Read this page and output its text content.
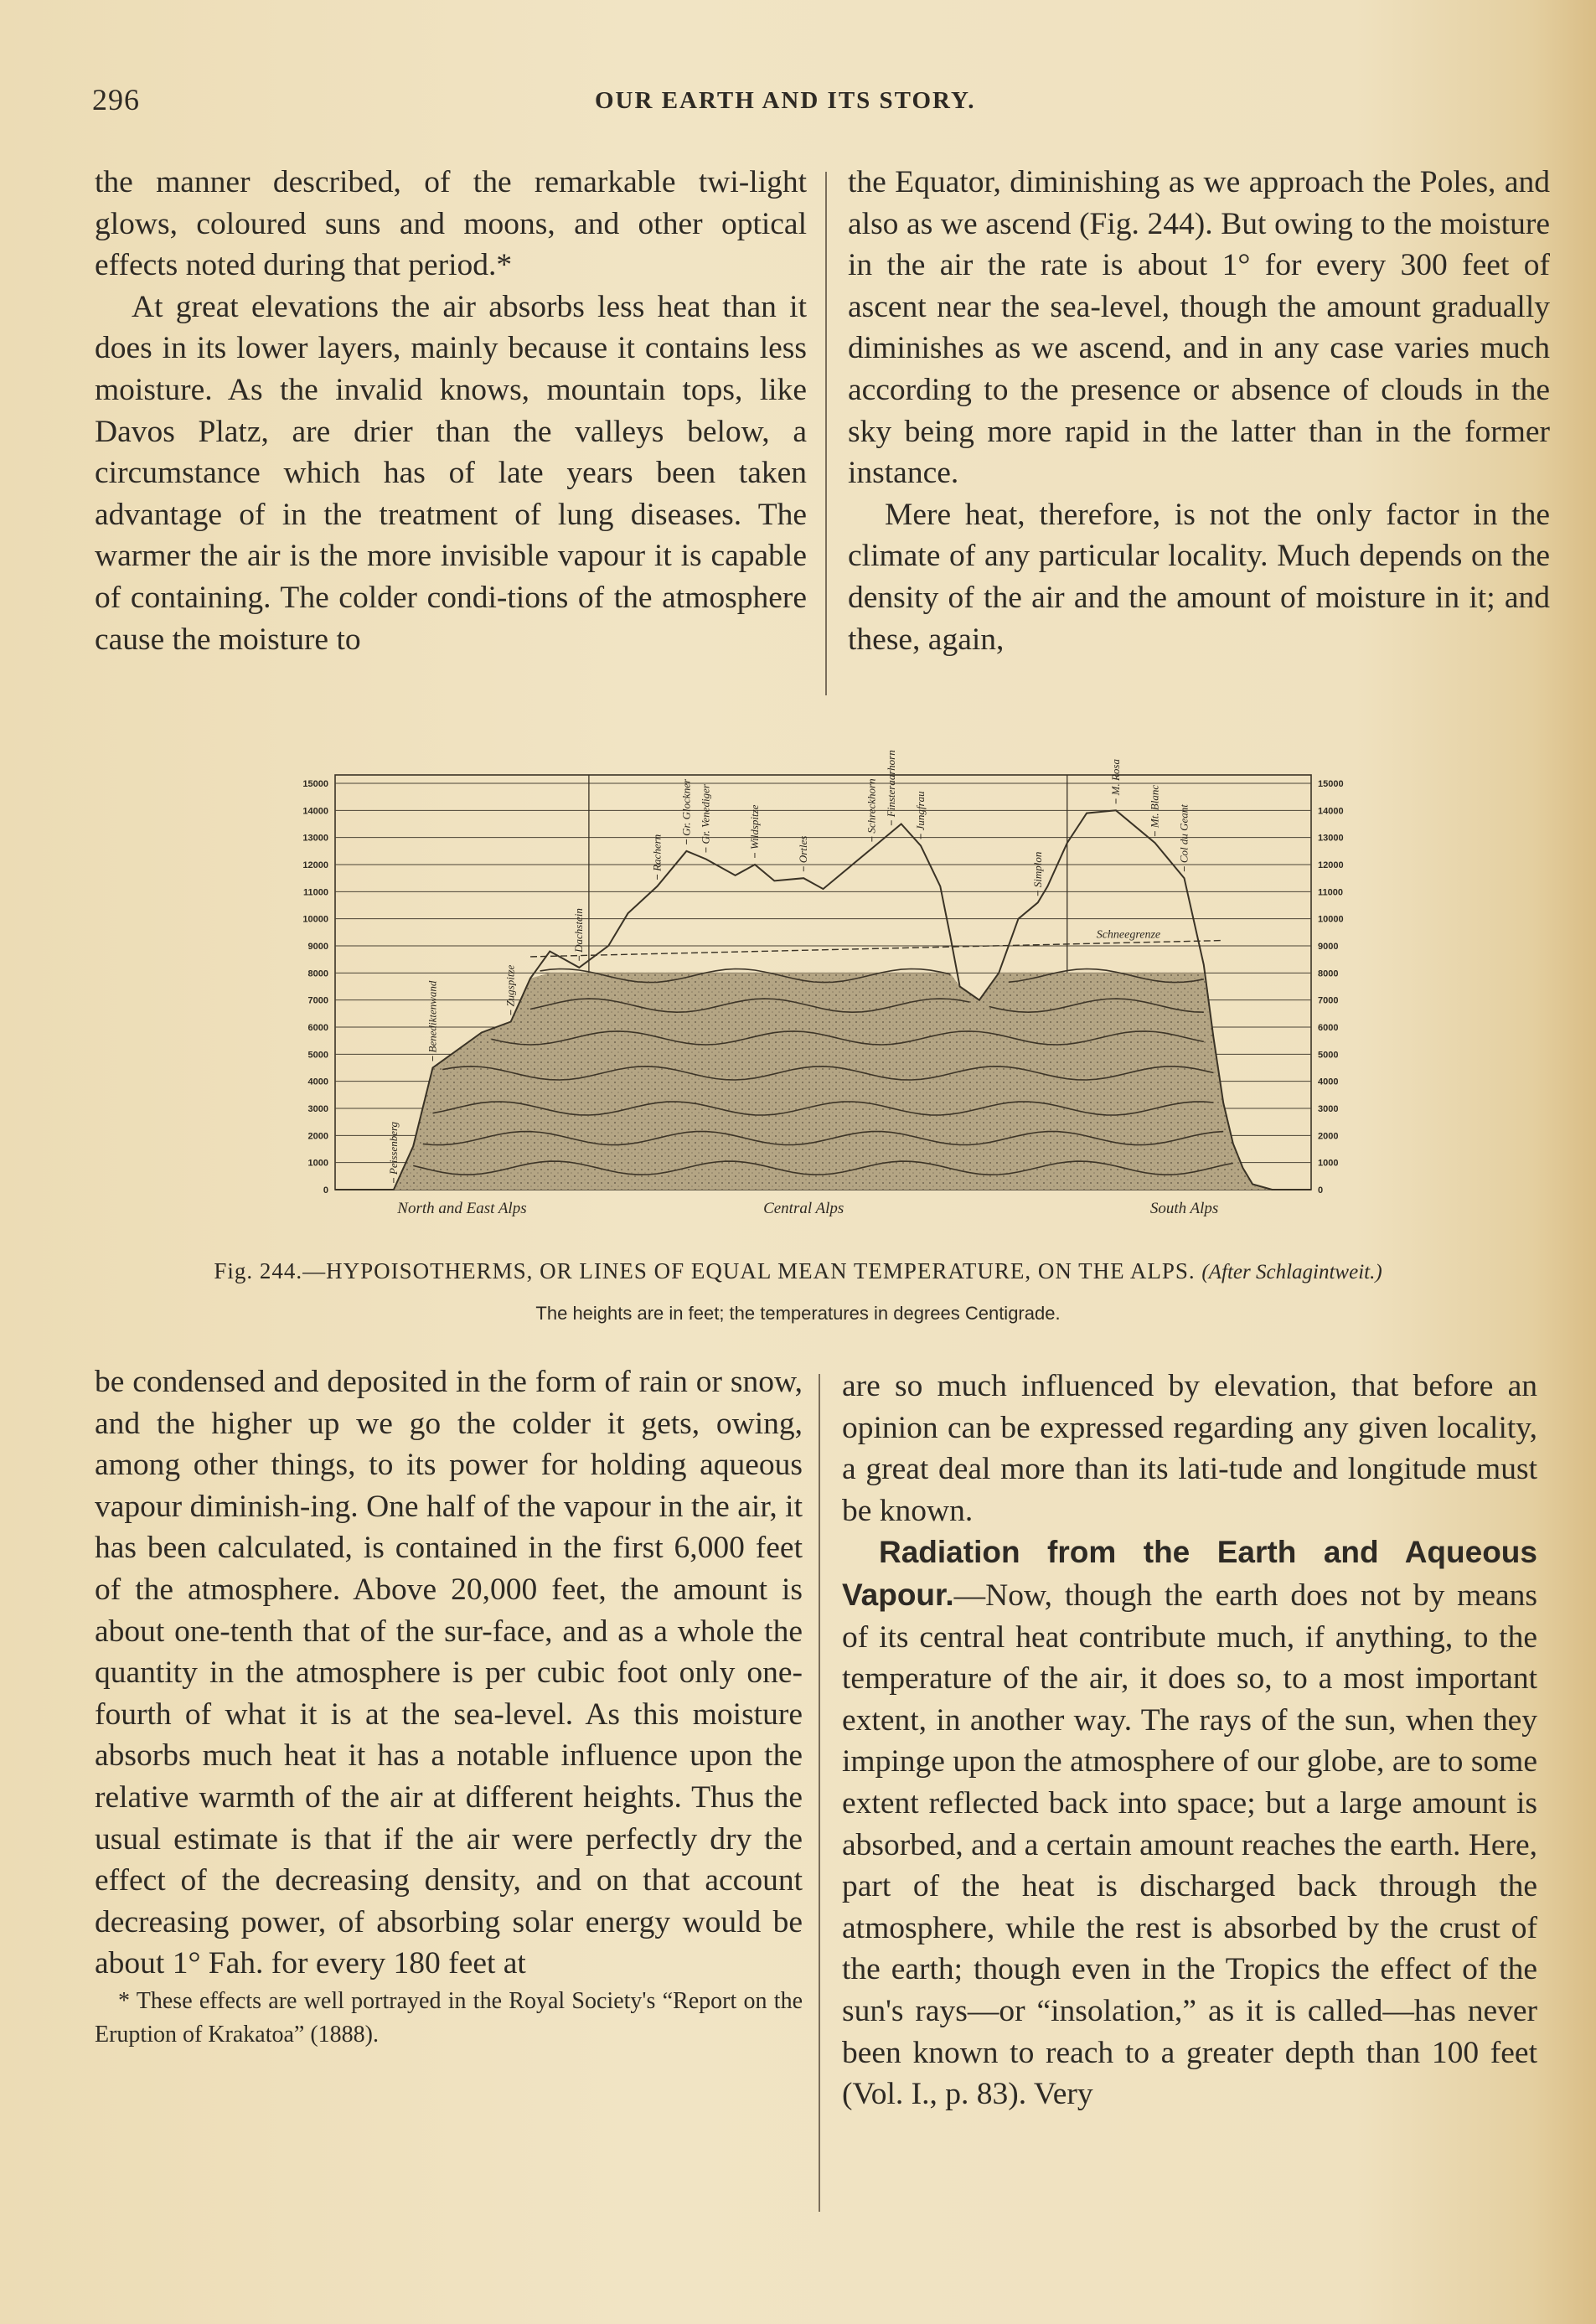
296	OUR EARTH AND ITS STORY.

the manner described, of the remarkable twi-light glows, coloured suns and moons, and other optical effects noted during that period.*

At great elevations the air absorbs less heat than it does in its lower layers, mainly because it contains less moisture. As the invalid knows, mountain tops, like Davos Platz, are drier than the valleys below, a circumstance which has of late years been taken advantage of in the treatment of lung diseases. The warmer the air is the more invisible vapour it is capable of containing. The colder condi-tions of the atmosphere cause the moisture to

the Equator, diminishing as we approach the Poles, and also as we ascend (Fig. 244). But owing to the moisture in the air the rate is about 1° for every 300 feet of ascent near the sea-level, though the amount gradually diminishes as we ascend, and in any case varies much according to the presence or absence of clouds in the sky being more rapid in the latter than in the former instance.

Mere heat, therefore, is not the only factor in the climate of any particular locality. Much depends on the density of the air and the amount of moisture in it; and these, again,

Schneegrenze
0	0
1000	1000
2000	2000
3000	3000
4000	4000
5000	5000
6000	6000
7000	7000
8000	8000
9000	9000
10000	10000
11000	11000
12000	12000
13000	13000
14000	14000
15000	15000
Peissenberg
Benediktenwand	Zugspitze
Dachstein
Rachern
Gr. Glockner Gr. Venediger	Wildspitze	Ortles
Schreckhorn Finsteraarhorn Jungfrau
Simplon
M. Rosa
Mt. Blanc Col du Geant
North and East Alps	Central Alps	South Alps
Fig. 244.—HYPOISOTHERMS, OR LINES OF EQUAL MEAN TEMPERATURE, ON THE ALPS. (After Schlagintweit.)
The heights are in feet; the temperatures in degrees Centigrade.

be condensed and deposited in the form of rain or snow, and the higher up we go the colder it gets, owing, among other things, to its power for holding aqueous vapour diminish-ing. One half of the vapour in the air, it has been calculated, is contained in the first 6,000 feet of the atmosphere. Above 20,000 feet, the amount is about one-tenth that of the sur-face, and as a whole the quantity in the atmosphere is per cubic foot only one-fourth of what it is at the sea-level. As this moisture absorbs much heat it has a notable influence upon the relative warmth of the air at different heights. Thus the usual estimate is that if the air were perfectly dry the effect of the decreasing density, and on that account decreasing power, of absorbing solar energy would be about 1° Fah. for every 180 feet at

* These effects are well portrayed in the Royal Society's “Report on the Eruption of Krakatoa” (1888).

are so much influenced by elevation, that before an opinion can be expressed regarding any given locality, a great deal more than its lati-tude and longitude must be known.

Radiation from the Earth and Aqueous Vapour.—Now, though the earth does not by means of its central heat contribute much, if anything, to the temperature of the air, it does so, to a most important extent, in another way. The rays of the sun, when they impinge upon the atmosphere of our globe, are to some extent reflected back into space; but a large amount is absorbed, and a certain amount reaches the earth. Here, part of the heat is discharged back through the atmosphere, while the rest is absorbed by the crust of the earth; though even in the Tropics the effect of the sun's rays—or “insolation,” as it is called—has never been known to reach to a greater depth than 100 feet (Vol. I., p. 83). Very
